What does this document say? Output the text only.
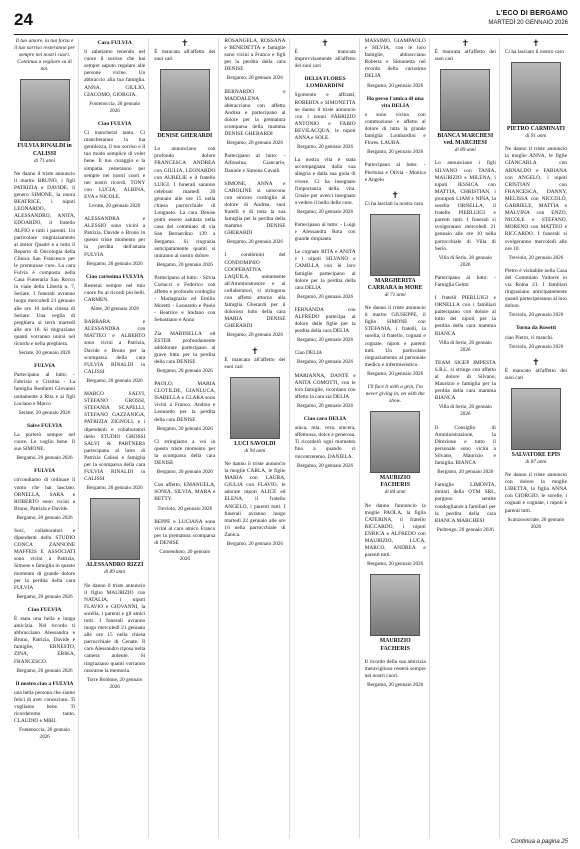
24	L'ECO DI BERGAMO
MARTEDÌ 20 GENNAIO 2026

Il tuo amore, la tua forza e il tuo sorriso resteranno per sempre nei nostri cuori. Continua a vegliare su di noi.

FULVIA RINALDI in CALISSI
di 71 anni

Ne danno il triste annuncio il marito BRUNO, i figli PATRIZIA e DAVIDE, il genero SIMONE, la nuora BEATRICE, i nipoti LEONARDO, ALESSANDRO, ANITA, EDOARDO, il fratello ALFIO e tutti i parenti. Un particolare ringraziamento al dottor Quadri e a tutto il Reparto di Oncologia della Clinica San Francesco per le premurose cure. La cara Fulvia è composta nella Casa Funeraria San Rocco in viale della Libertà n. 7, Seriate. I funerali avranno luogo mercoledì 21 gennaio alle ore 10 nella chiesa di Seriate. Una veglia di preghiera si terrà martedì alle ore 18. Si ringraziano quanti vorranno unirsi nel ricordo e nella preghiera.

Seriate, 20 gennaio 2026
FULVIA

Partecipano al lutto: - Fabrizio e Cristina - La famiglia Bonfanti Giovanni unitamente a Rita e ai figli Luciano e Marco

Seriate, 20 gennaio 2026
Salve FULVIA

La porterò sempre nel cuore. Le voglio bene. Il suo SIMONE.

Bergamo, 20 gennaio 2026
FULVIA

circondiamo di ordinare il vuoto che hai lasciato. ORNELLA, SARA e ROBERTO sono vicini a Bruno, Patrizia e Davide.

Bergamo, 20 gennaio 2026

Soci, collaboratori e dipendenti dello STUDIO CONCA ZANNONE MAFFEIS E ASSOCIATI sono vicini a Patrizia, Simone e famiglia in questo momento di grande dolore per la perdita della cara FULVIA

Bergamo, 20 gennaio 2026
Ciao FULVIA

È stata una bella e lunga amicizia. Nel ricordo ti abbracciano Alessandra e Bruno, Patrizia, Davide e famiglie, ERNESTO, ZINA, ERIKA, FRANCESCO.

Bergamo, 20 gennaio 2026
Il nostro ciao a FULVIA

una bella persona che siamo felici di aver conosciuto. Ti vogliamo bene. Ti ricorderemo tanto. CLAUDIO e MIRI.

Fontenoccia, 20 gennaio 2026
Cara FULVIA

il salutiamo tenendo nel cuore il sorriso che hai sempre saputo regalare alle persone vicine. Un abbraccio alla tua famiglia. ANNA, GIULIO, GIACOMO, GIORGIA.

Fontenoccia, 20 gennaio 2026
Ciao FULVIA

Ci mancherai tanto. Ci mancheranno la tua gentilezza, il tuo sorriso e il tuo modo semplice di voler bene. Il tuo coraggio e la simpatia resteranno per sempre nei nostri cuori e nei nostri ricordi. TONY con LUCIA, ALBINA, EVA e NICOLE.

Levate, 20 gennaio 2026

ALESSANDRA e ALESSIO sono vicini a Patrizia, Davide e Bruno in questo triste momento per la perdita dell'amata FULVIA

Bergamo, 20 gennaio 2026
Ciao carissima FULVIA

Resterai sempre nel mio cuore fin ai ricordi più belli. CARMEN.

Alme, 20 gennaio 2026

BARBARA e ALESSANDRA con MATTEO e ALBERTO sono vicini a Patrizia, Davide e Bruno per la scomparsa della cara FULVIA RINALDI in CALISSI

Bergamo, 20 gennaio 2026

MARCO SALVI, STEFANO GROSSI, STEFANIA SCAPELLI, STEFANO GAZZANIGA, PATRIZIA ZIGNOLI, e i dipendenti e collaboratori dello STUDIO GROSSI SALVI & PARTNERS partecipano al lutto di Patrizia Calissi e famiglia per la scomparsa della cara FULVIA RINALDI in CALISSI

Bergamo, 20 gennaio 2026
ALESSANDRO RIZZI
di 89 anni

Ne danno il triste annuncio il figlio MAURIZIO con NATALIA, i nipoti FLAVIO e GIOVANNI, la sorella, i parenti e gli amici tutti. I funerali avranno luogo mercoledì 21 gennaio alle ore 15 nella chiesa parrocchiale di Cenate. Il caro Alessandro riposa nella camera ardente. Si ringraziano quanti vorranno onorarne la memoria.

Torre Boldone, 20 gennaio 2026
✝

È mancata all'affetto dei suoi cari

DENISE GHERARDI

Lo annunciano con profondo dolore FRANCESCA ANDREA con GIULIA, LEONARDO con AURELIE e il fratello LUIGI. I funerali saranno celebrati martedì 20 gennaio alle ore 15 nella chiesa parrocchiale di Longuelo. La cara Denise potrà essere salutata nella casa del commiato di via San Bernardino 139 a Bergamo. Si ringrazia anticipatamente quanti si uniranno al nostro dolore.

Bergamo, 20 gennaio 2026

Partecipano al lutto: - Silvia Cortacci e Federico con affetto e profondo cordoglio - Mariagrazia ed Emilio Moretti - Leonardo e Paolo - Beatrice e Stefano con Sebastiano e Anna

Zia MARINELLA ed ESTER profondamente addolorate partecipano al grave lutto per la perdita della cara DENISE

Bergamo, 20 gennaio 2026

PAOLO, MARIA CLOTILDE, GIANLUCA, ISABELLA e CLARA sono vicini a Franco, Andrea e Leonardo per la perdita della cara DENISE

Bergamo, 20 gennaio 2026

Ci stringiamo a voi in questo triste momento per la scomparsa della cara DENISE

Bergamo, 20 gennaio 2026

Con affetto, EMANUELA, SONIA, SILVIA, MARA e BETTY.

Treviolo, 20 gennaio 2026

BEPPE e LUCIANA sono vicini al caro amico Franco per la prematura scomparsa di DENISE

Comenduno, 20 gennaio 2026

ROSANGELA, ROSSANA e BENEDETTA e famiglie sono vicini a Franco e figli per la perdita della cara DENISE

Bergamo, 20 gennaio 2026

BERNARDO e MADDALENA abbracciano con affetto Andrea e partecipano al dolore per la prematura scomparsa della mamma DENISE GHERARDI

Bergamo, 20 gennaio 2026

Partecipano al lutto: - Alfonsina, Giancarlo, Daniele e Simona Cavalli

SIMONE, ANNA e CAROLINE si uniscono con sincero cordoglio al dolore di Andrea, suoi fratelli e di tutta la sua famiglia per la perdita della mamma DENISE GHERARDI

Bergamo, 20 gennaio 2026

I condòmini del CONDOMINIO COOPERATIVA LAQUILA, unitamente all'Amministratore e ai collaboratori, si stringono con affetto attorno alla famiglia Gherardi per il doloroso lutto della cara MARIA DENISE GHERARDI

Bergamo, 20 gennaio 2026
✝

È mancata all'affetto dei suoi cari

LUCI SAVOLDI
di 94 anni

Ne danno il triste annuncio la moglie CARLA, le figlie MARIA con LAURA, GIULIA con FLAVIO, le adorate nipoti ALICE ed ELENA, il fratello ANGELO, i parenti tutti. I funerali avranno luogo martedì 22 gennaio alle ore 10 nella parrocchiale di Zanica.

Bergamo, 20 gennaio 2026
✝

È mancata improvvisamente all'affetto dei suoi cari

DELIA FLORES LOMBARDINI

Sgomento e affranti, ROBERTA e SIMONETTA ne danno il triste annuncio con i nonni FABRIZIO ANTONIO e FABIO BEVILACQUA, le nipoti ANNA e SOLE.

Bergamo, 20 gennaio 2026

La nostra vita è stata accompagnata dalla sua allegria e dalla sua gioia di vivere. Ci ha insegnato l'importanza della vita. Grazie per averci insegnato a vedere il bello delle cose.

Bergamo, 20 gennaio 2026

Partecipano al lutto: - Luigi e Alessandra Rota con grande rimpianto

Le cognate RITA e ANITA e i nipoti SILVANO e CAMILLA con le loro famiglie partecipano al dolore per la perdita della cara DELIA

Bergamo, 20 gennaio 2026

FERNANDA con ALFREDO partecipa al dolore delle figlie per la perdita della cara DELIA

Bergamo, 20 gennaio 2026

Ciao DELIA

Bergamo, 20 gennaio 2026

MARIANNA, DANTE e ANITA COMOTTI, con le loro famiglie, ricordano con affetto la cara zia DELIA

Bergamo, 20 gennaio 2026
Ciao cara DELIA

unica, mia, vera, sincera, affettuosa, dolce e generosa. Ti ricorderò ogni momento fino a quando ci rincontreremo. DANIELA.

Bergamo, 20 gennaio 2026

MASSIMO, GIAMPAOLO e SILVIA, con le loro famiglie, abbracciano Roberta e Simonetta nel ricordo della carissima DELIA

Bergamo, 20 gennaio 2026
Ho perso l'amica di una vita DELIA

e sono vicina con commozione e affetto al dolore di tutta la grande famiglia Lombardini e Flores. LAURA.

Bergamo, 20 gennaio 2026

Partecipano al lutto: - Pierluisa e Olivia - Monica e Angelo

✝

Ci ha lasciati la nostra cara

MARGHERITA CARRARA in MORE
di 71 anni

Ne danno il triste annuncio il marito GIUSEPPE, il figlio SIMONE con STEFANIA, i fratelli, la sorella, il fratello, cognati e cognate, nipoti e parenti tutti. Un particolare ringraziamento al personale medico e infermieristico.

Bergamo, 20 gennaio 2026

I'll face it with a grin, I'm never giving in, on with the show.

MAURIZIO FACHERIS
di 84 anni

Ne danno l'annuncio la moglie PAOLA, la figlia CATERINA, il fratello RICCARDO, i nipoti ENRICA e ALFREDO con MAURIZIO, LUCA, MARCO, ANDREA e parenti tutti.

Bergamo, 20 gennaio 2026
MAURIZIO FACHERIS

Il ricordo della sua amicizia meravigliosa resterà sempre nei nostri cuori.

Bergamo, 20 gennaio 2026
✝

È mancata all'affetto dei suoi cari

BIANCA MARCHESI ved. MARCHESI
di 89 anni

Lo annunciano i figli SILVANO con TANIA, MAURIZIO e MILENA, i nipoti JESSICA con MATTIA, CHRISTIAN, i pronipoti LIAM e NINA, la sorella ORNELLA, il fratello PIERLUIGI e parenti tutti. I funerali si svolgeranno mercoledì 21 gennaio alle ore 10 nella parrocchiale di Villa di Serio.

Villa di Serio, 20 gennaio 2026

Partecipano al lutto: - Famiglia Gelmi

I fratelli PIERLUIGI e ORNELLA con i familiari partecipano con dolore al lutto dei nipoti per la perdita della cara mamma BIANCA

Villa di Serio, 20 gennaio 2026

TEAM SIGEP IMPESTA S.R.L. si stringe con affetto al dolore di Silvano, Maurizio e famiglia per la perdita della cara mamma BIANCA

Villa di Serio, 20 gennaio 2026

Il Consiglio di Amministrazione, la Direzione e tutto il personale sono vicini a Silvano, Maurizio e famiglia. BIANCA

Bergamo, 20 gennaio 2026

Famiglie LIMONTA, titolari della OTM SRL, porgono sentite condoglianze a familiari per la perdita della cara BIANCA MARCHESI

Pedrengo, 20 gennaio 2026
✝

Ci ha lasciato il nostro caro

PIETRO CARMINATI
di 91 anni

Ne danno il triste annuncio la moglie ANNA, le figlie GIANCARLA con ARNALDO e FABIANA con ANGELO, i nipoti CRISTIAN con FRANCESCA, DANNY, MELISSA con NICCOLÒ, GABRIELE, MATTIA e MALVINA con ENZO, NICOLE e STEFANO, MORENO con MATTEO e RICCARDO. I funerali si svolgeranno mercoledì alle ore 10.

Treviolo, 20 gennaio 2026

Pietro è visitabile nella Casa del Commiato Valtorre in via Roma 21. I familiari ringraziano anticipatamente quanti parteciperanno al loro dolore.

Treviolo, 20 gennaio 2026
Torna da Rosetti

ciao Pietro, ci manchi.

Treviolo, 20 gennaio 2026
✝

È mancato all'affetto dei suoi cari

SALVATORE EPIS
di 87 anni

Ne danno il triste annuncio con dolore la moglie LIBETTA, la figlia ANNA con GIORGIO, le sorelle, i cognati e cognate, i nipoti e parenti tutti.

Scanzorosciate, 20 gennaio 2026
Continua a pagina 25
